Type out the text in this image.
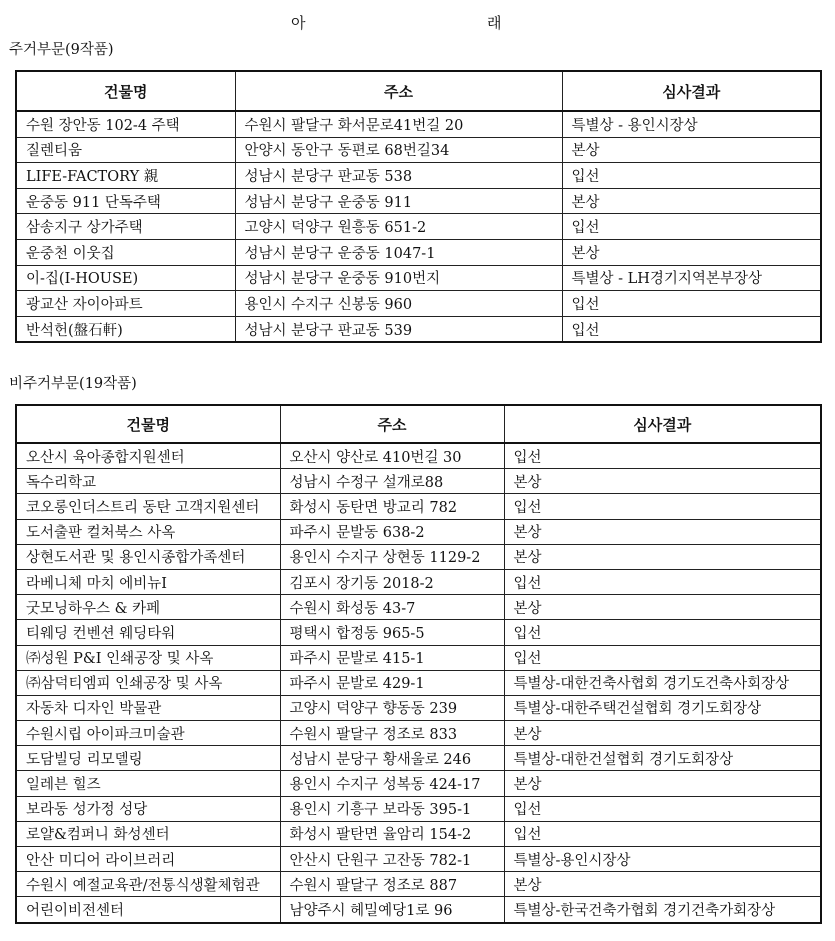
아	래
주거부문(9작품)
건물명	주소	심사결과
수원 장안동 102-4 주택	수원시 팔달구 화서문로41번길 20	특별상 - 용인시장상
질렌티움	안양시 동안구 동편로 68번길34	본상
LIFE-FACTORY 親	성남시 분당구 판교동 538	입선
운중동 911 단독주택	성남시 분당구 운중동 911	본상
삼송지구 상가주택	고양시 덕양구 원흥동 651-2	입선
운중천 이웃집	성남시 분당구 운중동 1047-1	본상
이-집(I-HOUSE)	성남시 분당구 운중동 910번지	특별상 - LH경기지역본부장상
광교산 자이아파트	용인시 수지구 신봉동 960	입선
반석헌(盤石軒)	성남시 분당구 판교동 539	입선
비주거부문(19작품)
건물명	주소	심사결과
오산시 육아종합지원센터	오산시 양산로 410번길 30	입선
독수리학교	성남시 수정구 설개로88	본상
코오롱인더스트리 동탄 고객지원센터	화성시 동탄면 방교리 782	입선
도서출판 컬처북스 사옥	파주시 문발동 638-2	본상
상현도서관 및 용인시종합가족센터	용인시 수지구 상현동 1129-2	본상
라베니체 마치 에비뉴Ⅰ	김포시 장기동 2018-2	입선
굿모닝하우스 & 카페	수원시 화성동 43-7	본상
티웨딩 컨벤션 웨딩타워	평택시 합정동 965-5	입선
㈜성원 P&I 인쇄공장 및 사옥	파주시 문발로 415-1	입선
㈜삼덕티엠피 인쇄공장 및 사옥	파주시 문발로 429-1	특별상-대한건축사협회 경기도건축사회장상
자동차 디자인 박물관	고양시 덕양구 향동동 239	특별상-대한주택건설협회 경기도회장상
수원시립 아이파크미술관	수원시 팔달구 정조로 833	본상
도담빌딩 리모델링	성남시 분당구 황새울로 246	특별상-대한건설협회 경기도회장상
일레븐 힐즈	용인시 수지구 성복동 424-17	본상
보라동 성가정 성당	용인시 기흥구 보라동 395-1	입선
로얄&컴퍼니 화성센터	화성시 팔탄면 율암리 154-2	입선
안산 미디어 라이브러리	안산시 단원구 고잔동 782-1	특별상-용인시장상
수원시 예절교육관/전통식생활체험관	수원시 팔달구 정조로 887	본상
어린이비전센터	남양주시 헤밀예당1로 96	특별상-한국건축가협회 경기건축가회장상
